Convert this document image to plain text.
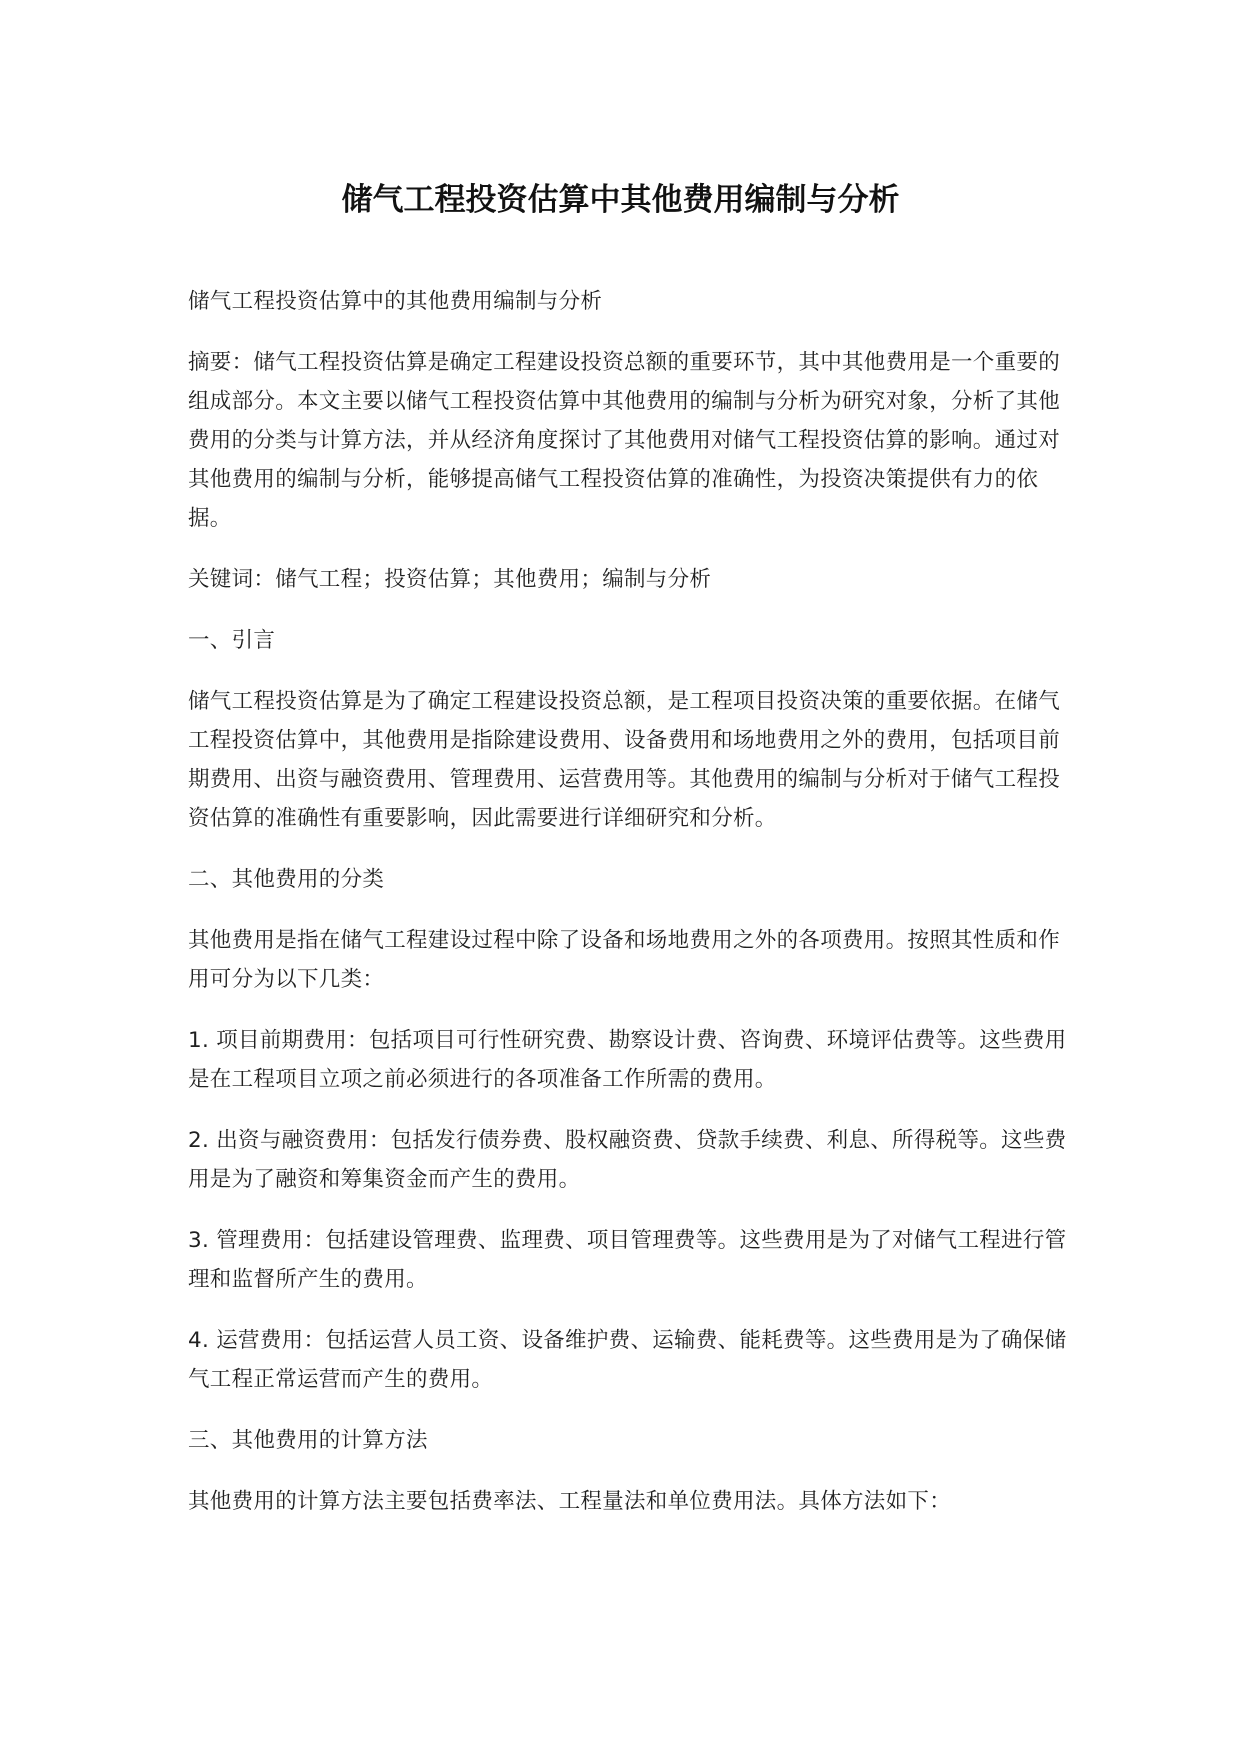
储气工程投资估算中其他费用编制与分析

储气工程投资估算中的其他费用编制与分析

摘要：储气工程投资估算是确定工程建设投资总额的重要环节，其中其他费用是一个重要的组成部分。本文主要以储气工程投资估算中其他费用的编制与分析为研究对象，分析了其他费用的分类与计算方法，并从经济角度探讨了其他费用对储气工程投资估算的影响。通过对其他费用的编制与分析，能够提高储气工程投资估算的准确性，为投资决策提供有力的依据。

关键词：储气工程；投资估算；其他费用；编制与分析

一、引言

储气工程投资估算是为了确定工程建设投资总额，是工程项目投资决策的重要依据。在储气工程投资估算中，其他费用是指除建设费用、设备费用和场地费用之外的费用，包括项目前期费用、出资与融资费用、管理费用、运营费用等。其他费用的编制与分析对于储气工程投资估算的准确性有重要影响，因此需要进行详细研究和分析。

二、其他费用的分类

其他费用是指在储气工程建设过程中除了设备和场地费用之外的各项费用。按照其性质和作用可分为以下几类：

1. 项目前期费用：包括项目可行性研究费、勘察设计费、咨询费、环境评估费等。这些费用是在工程项目立项之前必须进行的各项准备工作所需的费用。

2. 出资与融资费用：包括发行债券费、股权融资费、贷款手续费、利息、所得税等。这些费用是为了融资和筹集资金而产生的费用。

3. 管理费用：包括建设管理费、监理费、项目管理费等。这些费用是为了对储气工程进行管理和监督所产生的费用。

4. 运营费用：包括运营人员工资、设备维护费、运输费、能耗费等。这些费用是为了确保储气工程正常运营而产生的费用。

三、其他费用的计算方法

其他费用的计算方法主要包括费率法、工程量法和单位费用法。具体方法如下：
